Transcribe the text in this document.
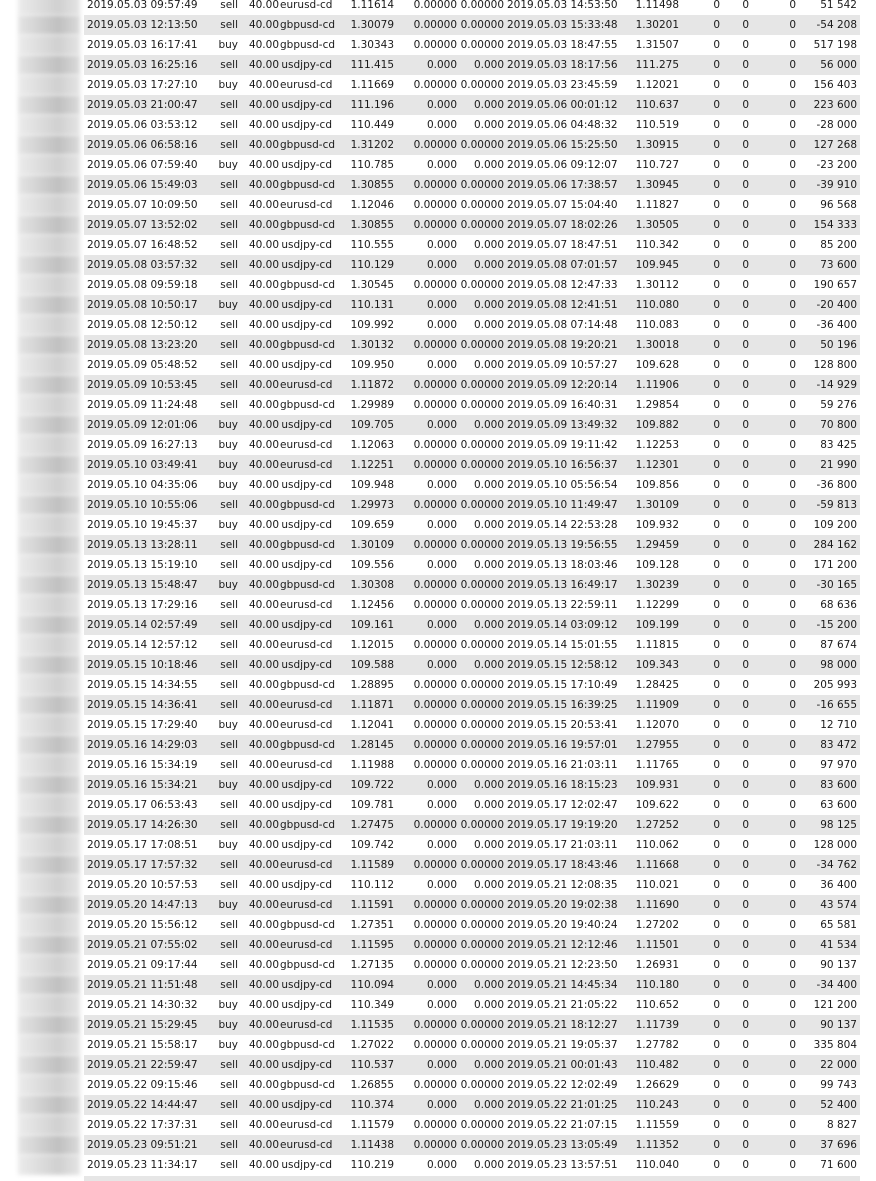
2019.05.03 09:57:49	sell 40.00 eurusd-cd	1.11614	0.00000 0.00000 2019.05.03 14:53:50	1.11498	0	0	0	51 542
2019.05.03 12:13:50	sell 40.00 gbpusd-cd	1.30079	0.00000 0.00000 2019.05.03 15:33:48	1.30201	0	0	0	-54 208
2019.05.03 16:17:41	buy 40.00 gbpusd-cd	1.30343	0.00000 0.00000 2019.05.03 18:47:55	1.31507	0	0	0	517 198
2019.05.03 16:25:16	sell 40.00 usdjpy-cd	111.415	0.000	0.000 2019.05.03 18:17:56	111.275	0	0	0	56 000
2019.05.03 17:27:10	buy 40.00 eurusd-cd	1.11669	0.00000 0.00000 2019.05.03 23:45:59	1.12021	0	0	0	156 403
2019.05.03 21:00:47	sell 40.00 usdjpy-cd	111.196	0.000	0.000 2019.05.06 00:01:12	110.637	0	0	0	223 600
2019.05.06 03:53:12	sell 40.00 usdjpy-cd	110.449	0.000	0.000 2019.05.06 04:48:32	110.519	0	0	0	-28 000
2019.05.06 06:58:16	sell 40.00 gbpusd-cd	1.31202	0.00000 0.00000 2019.05.06 15:25:50	1.30915	0	0	0	127 268
2019.05.06 07:59:40	buy 40.00 usdjpy-cd	110.785	0.000	0.000 2019.05.06 09:12:07	110.727	0	0	0	-23 200
2019.05.06 15:49:03	sell 40.00 gbpusd-cd	1.30855	0.00000 0.00000 2019.05.06 17:38:57	1.30945	0	0	0	-39 910
2019.05.07 10:09:50	sell 40.00 eurusd-cd	1.12046	0.00000 0.00000 2019.05.07 15:04:40	1.11827	0	0	0	96 568
2019.05.07 13:52:02	sell 40.00 gbpusd-cd	1.30855	0.00000 0.00000 2019.05.07 18:02:26	1.30505	0	0	0	154 333
2019.05.07 16:48:52	sell 40.00 usdjpy-cd	110.555	0.000	0.000 2019.05.07 18:47:51	110.342	0	0	0	85 200
2019.05.08 03:57:32	sell 40.00 usdjpy-cd	110.129	0.000	0.000 2019.05.08 07:01:57	109.945	0	0	0	73 600
2019.05.08 09:59:18	sell 40.00 gbpusd-cd	1.30545	0.00000 0.00000 2019.05.08 12:47:33	1.30112	0	0	0	190 657
2019.05.08 10:50:17	buy 40.00 usdjpy-cd	110.131	0.000	0.000 2019.05.08 12:41:51	110.080	0	0	0	-20 400
2019.05.08 12:50:12	sell 40.00 usdjpy-cd	109.992	0.000	0.000 2019.05.08 07:14:48	110.083	0	0	0	-36 400
2019.05.08 13:23:20	sell 40.00 gbpusd-cd	1.30132	0.00000 0.00000 2019.05.08 19:20:21	1.30018	0	0	0	50 196
2019.05.09 05:48:52	sell 40.00 usdjpy-cd	109.950	0.000	0.000 2019.05.09 10:57:27	109.628	0	0	0	128 800
2019.05.09 10:53:45	sell 40.00 eurusd-cd	1.11872	0.00000 0.00000 2019.05.09 12:20:14	1.11906	0	0	0	-14 929
2019.05.09 11:24:48	sell 40.00 gbpusd-cd	1.29989	0.00000 0.00000 2019.05.09 16:40:31	1.29854	0	0	0	59 276
2019.05.09 12:01:06	buy 40.00 usdjpy-cd	109.705	0.000	0.000 2019.05.09 13:49:32	109.882	0	0	0	70 800
2019.05.09 16:27:13	buy 40.00 eurusd-cd	1.12063	0.00000 0.00000 2019.05.09 19:11:42	1.12253	0	0	0	83 425
2019.05.10 03:49:41	buy 40.00 eurusd-cd	1.12251	0.00000 0.00000 2019.05.10 16:56:37	1.12301	0	0	0	21 990
2019.05.10 04:35:06	buy 40.00 usdjpy-cd	109.948	0.000	0.000 2019.05.10 05:56:54	109.856	0	0	0	-36 800
2019.05.10 10:55:06	sell 40.00 gbpusd-cd	1.29973	0.00000 0.00000 2019.05.10 11:49:47	1.30109	0	0	0	-59 813
2019.05.10 19:45:37	buy 40.00 usdjpy-cd	109.659	0.000	0.000 2019.05.14 22:53:28	109.932	0	0	0	109 200
2019.05.13 13:28:11	sell 40.00 gbpusd-cd	1.30109	0.00000 0.00000 2019.05.13 19:56:55	1.29459	0	0	0	284 162
2019.05.13 15:19:10	sell 40.00 usdjpy-cd	109.556	0.000	0.000 2019.05.13 18:03:46	109.128	0	0	0	171 200
2019.05.13 15:48:47	buy 40.00 gbpusd-cd	1.30308	0.00000 0.00000 2019.05.13 16:49:17	1.30239	0	0	0	-30 165
2019.05.13 17:29:16	sell 40.00 eurusd-cd	1.12456	0.00000 0.00000 2019.05.13 22:59:11	1.12299	0	0	0	68 636
2019.05.14 02:57:49	sell 40.00 usdjpy-cd	109.161	0.000	0.000 2019.05.14 03:09:12	109.199	0	0	0	-15 200
2019.05.14 12:57:12	sell 40.00 eurusd-cd	1.12015	0.00000 0.00000 2019.05.14 15:01:55	1.11815	0	0	0	87 674
2019.05.15 10:18:46	sell 40.00 usdjpy-cd	109.588	0.000	0.000 2019.05.15 12:58:12	109.343	0	0	0	98 000
2019.05.15 14:34:55	sell 40.00 gbpusd-cd	1.28895	0.00000 0.00000 2019.05.15 17:10:49	1.28425	0	0	0	205 993
2019.05.15 14:36:41	sell 40.00 eurusd-cd	1.11871	0.00000 0.00000 2019.05.15 16:39:25	1.11909	0	0	0	-16 655
2019.05.15 17:29:40	buy 40.00 eurusd-cd	1.12041	0.00000 0.00000 2019.05.15 20:53:41	1.12070	0	0	0	12 710
2019.05.16 14:29:03	sell 40.00 gbpusd-cd	1.28145	0.00000 0.00000 2019.05.16 19:57:01	1.27955	0	0	0	83 472
2019.05.16 15:34:19	sell 40.00 eurusd-cd	1.11988	0.00000 0.00000 2019.05.16 21:03:11	1.11765	0	0	0	97 970
2019.05.16 15:34:21	buy 40.00 usdjpy-cd	109.722	0.000	0.000 2019.05.16 18:15:23	109.931	0	0	0	83 600
2019.05.17 06:53:43	sell 40.00 usdjpy-cd	109.781	0.000	0.000 2019.05.17 12:02:47	109.622	0	0	0	63 600
2019.05.17 14:26:30	sell 40.00 gbpusd-cd	1.27475	0.00000 0.00000 2019.05.17 19:19:20	1.27252	0	0	0	98 125
2019.05.17 17:08:51	buy 40.00 usdjpy-cd	109.742	0.000	0.000 2019.05.17 21:03:11	110.062	0	0	0	128 000
2019.05.17 17:57:32	sell 40.00 eurusd-cd	1.11589	0.00000 0.00000 2019.05.17 18:43:46	1.11668	0	0	0	-34 762
2019.05.20 10:57:53	sell 40.00 usdjpy-cd	110.112	0.000	0.000 2019.05.21 12:08:35	110.021	0	0	0	36 400
2019.05.20 14:47:13	buy 40.00 eurusd-cd	1.11591	0.00000 0.00000 2019.05.20 19:02:38	1.11690	0	0	0	43 574
2019.05.20 15:56:12	sell 40.00 gbpusd-cd	1.27351	0.00000 0.00000 2019.05.20 19:40:24	1.27202	0	0	0	65 581
2019.05.21 07:55:02	sell 40.00 eurusd-cd	1.11595	0.00000 0.00000 2019.05.21 12:12:46	1.11501	0	0	0	41 534
2019.05.21 09:17:44	sell 40.00 gbpusd-cd	1.27135	0.00000 0.00000 2019.05.21 12:23:50	1.26931	0	0	0	90 137
2019.05.21 11:51:48	sell 40.00 usdjpy-cd	110.094	0.000	0.000 2019.05.21 14:45:34	110.180	0	0	0	-34 400
2019.05.21 14:30:32	buy 40.00 usdjpy-cd	110.349	0.000	0.000 2019.05.21 21:05:22	110.652	0	0	0	121 200
2019.05.21 15:29:45	buy 40.00 eurusd-cd	1.11535	0.00000 0.00000 2019.05.21 18:12:27	1.11739	0	0	0	90 137
2019.05.21 15:58:17	buy 40.00 gbpusd-cd	1.27022	0.00000 0.00000 2019.05.21 19:05:37	1.27782	0	0	0	335 804
2019.05.21 22:59:47	sell 40.00 usdjpy-cd	110.537	0.000	0.000 2019.05.21 00:01:43	110.482	0	0	0	22 000
2019.05.22 09:15:46	sell 40.00 gbpusd-cd	1.26855	0.00000 0.00000 2019.05.22 12:02:49	1.26629	0	0	0	99 743
2019.05.22 14:44:47	sell 40.00 usdjpy-cd	110.374	0.000	0.000 2019.05.22 21:01:25	110.243	0	0	0	52 400
2019.05.22 17:37:31	sell 40.00 eurusd-cd	1.11579	0.00000 0.00000 2019.05.22 21:07:15	1.11559	0	0	0	8 827
2019.05.23 09:51:21	sell 40.00 eurusd-cd	1.11438	0.00000 0.00000 2019.05.23 13:05:49	1.11352	0	0	0	37 696
2019.05.23 11:34:17	sell 40.00 usdjpy-cd	110.219	0.000	0.000 2019.05.23 13:57:51	110.040	0	0	0	71 600
